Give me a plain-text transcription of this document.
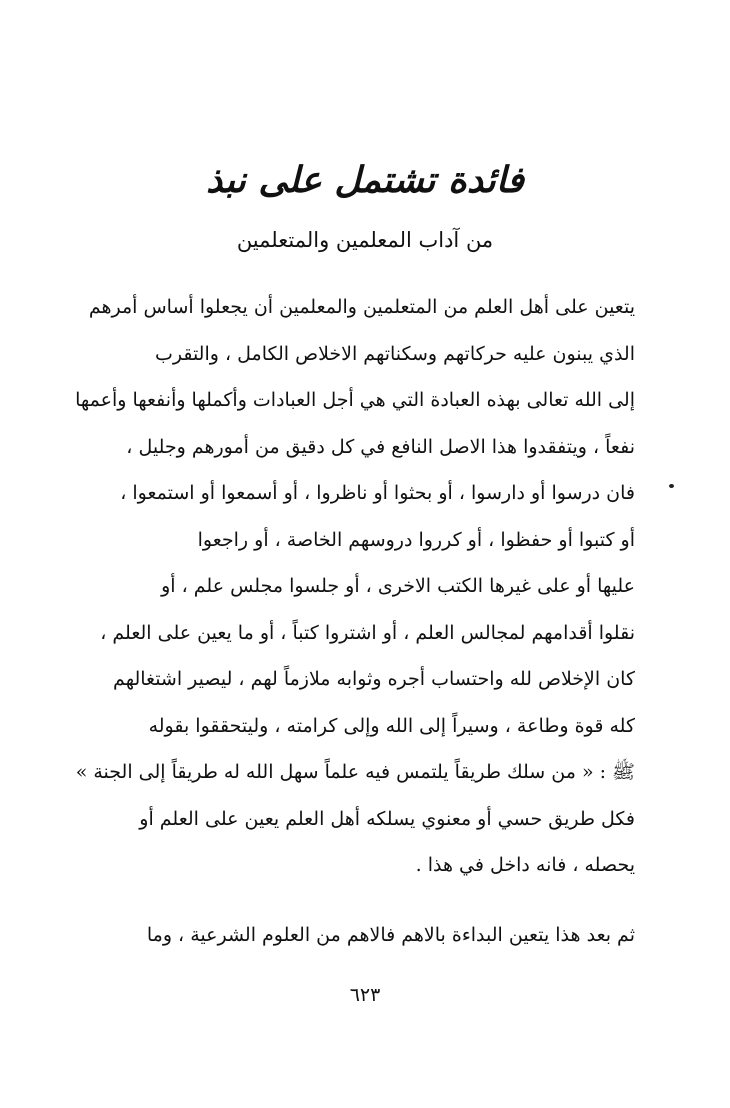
فائدة تشتمل على نبذ
من آداب المعلمين والمتعلمين
يتعين على أهل العلم من المتعلمين والمعلمين أن يجعلوا أساس أمرهم
الذي يبنون عليه حركاتهم وسكناتهم الاخلاص الكامل ، والتقرب
إلى الله تعالى بهذه العبادة التي هي أجل العبادات وأكملها وأنفعها وأعمها
نفعاً ، ويتفقدوا هذا الاصل النافع في كل دقيق من أمورهم وجليل ،
فان درسوا أو دارسوا ، أو بحثوا أو ناظروا ، أو أسمعوا أو استمعوا ،
أو كتبوا أو حفظوا ، أو كرروا دروسهم الخاصة ، أو راجعوا
عليها أو على غيرها الكتب الاخرى ، أو جلسوا مجلس علم ، أو
نقلوا أقدامهم لمجالس العلم ، أو اشتروا كتباً ، أو ما يعين على العلم ،
كان الإخلاص لله واحتساب أجره وثوابه ملازماً لهم ، ليصير اشتغالهم
كله قوة وطاعة ، وسيراً إلى الله وإلى كرامته ، وليتحققوا بقوله
ﷺ : « من سلك طريقاً يلتمس فيه علماً سهل الله له طريقاً إلى الجنة »
فكل طريق حسي أو معنوي يسلكه أهل العلم يعين على العلم أو
يحصله ، فانه داخل في هذا .
ثم بعد هذا يتعين البداءة بالاهم فالاهم من العلوم الشرعية ، وما
٦٢٣
